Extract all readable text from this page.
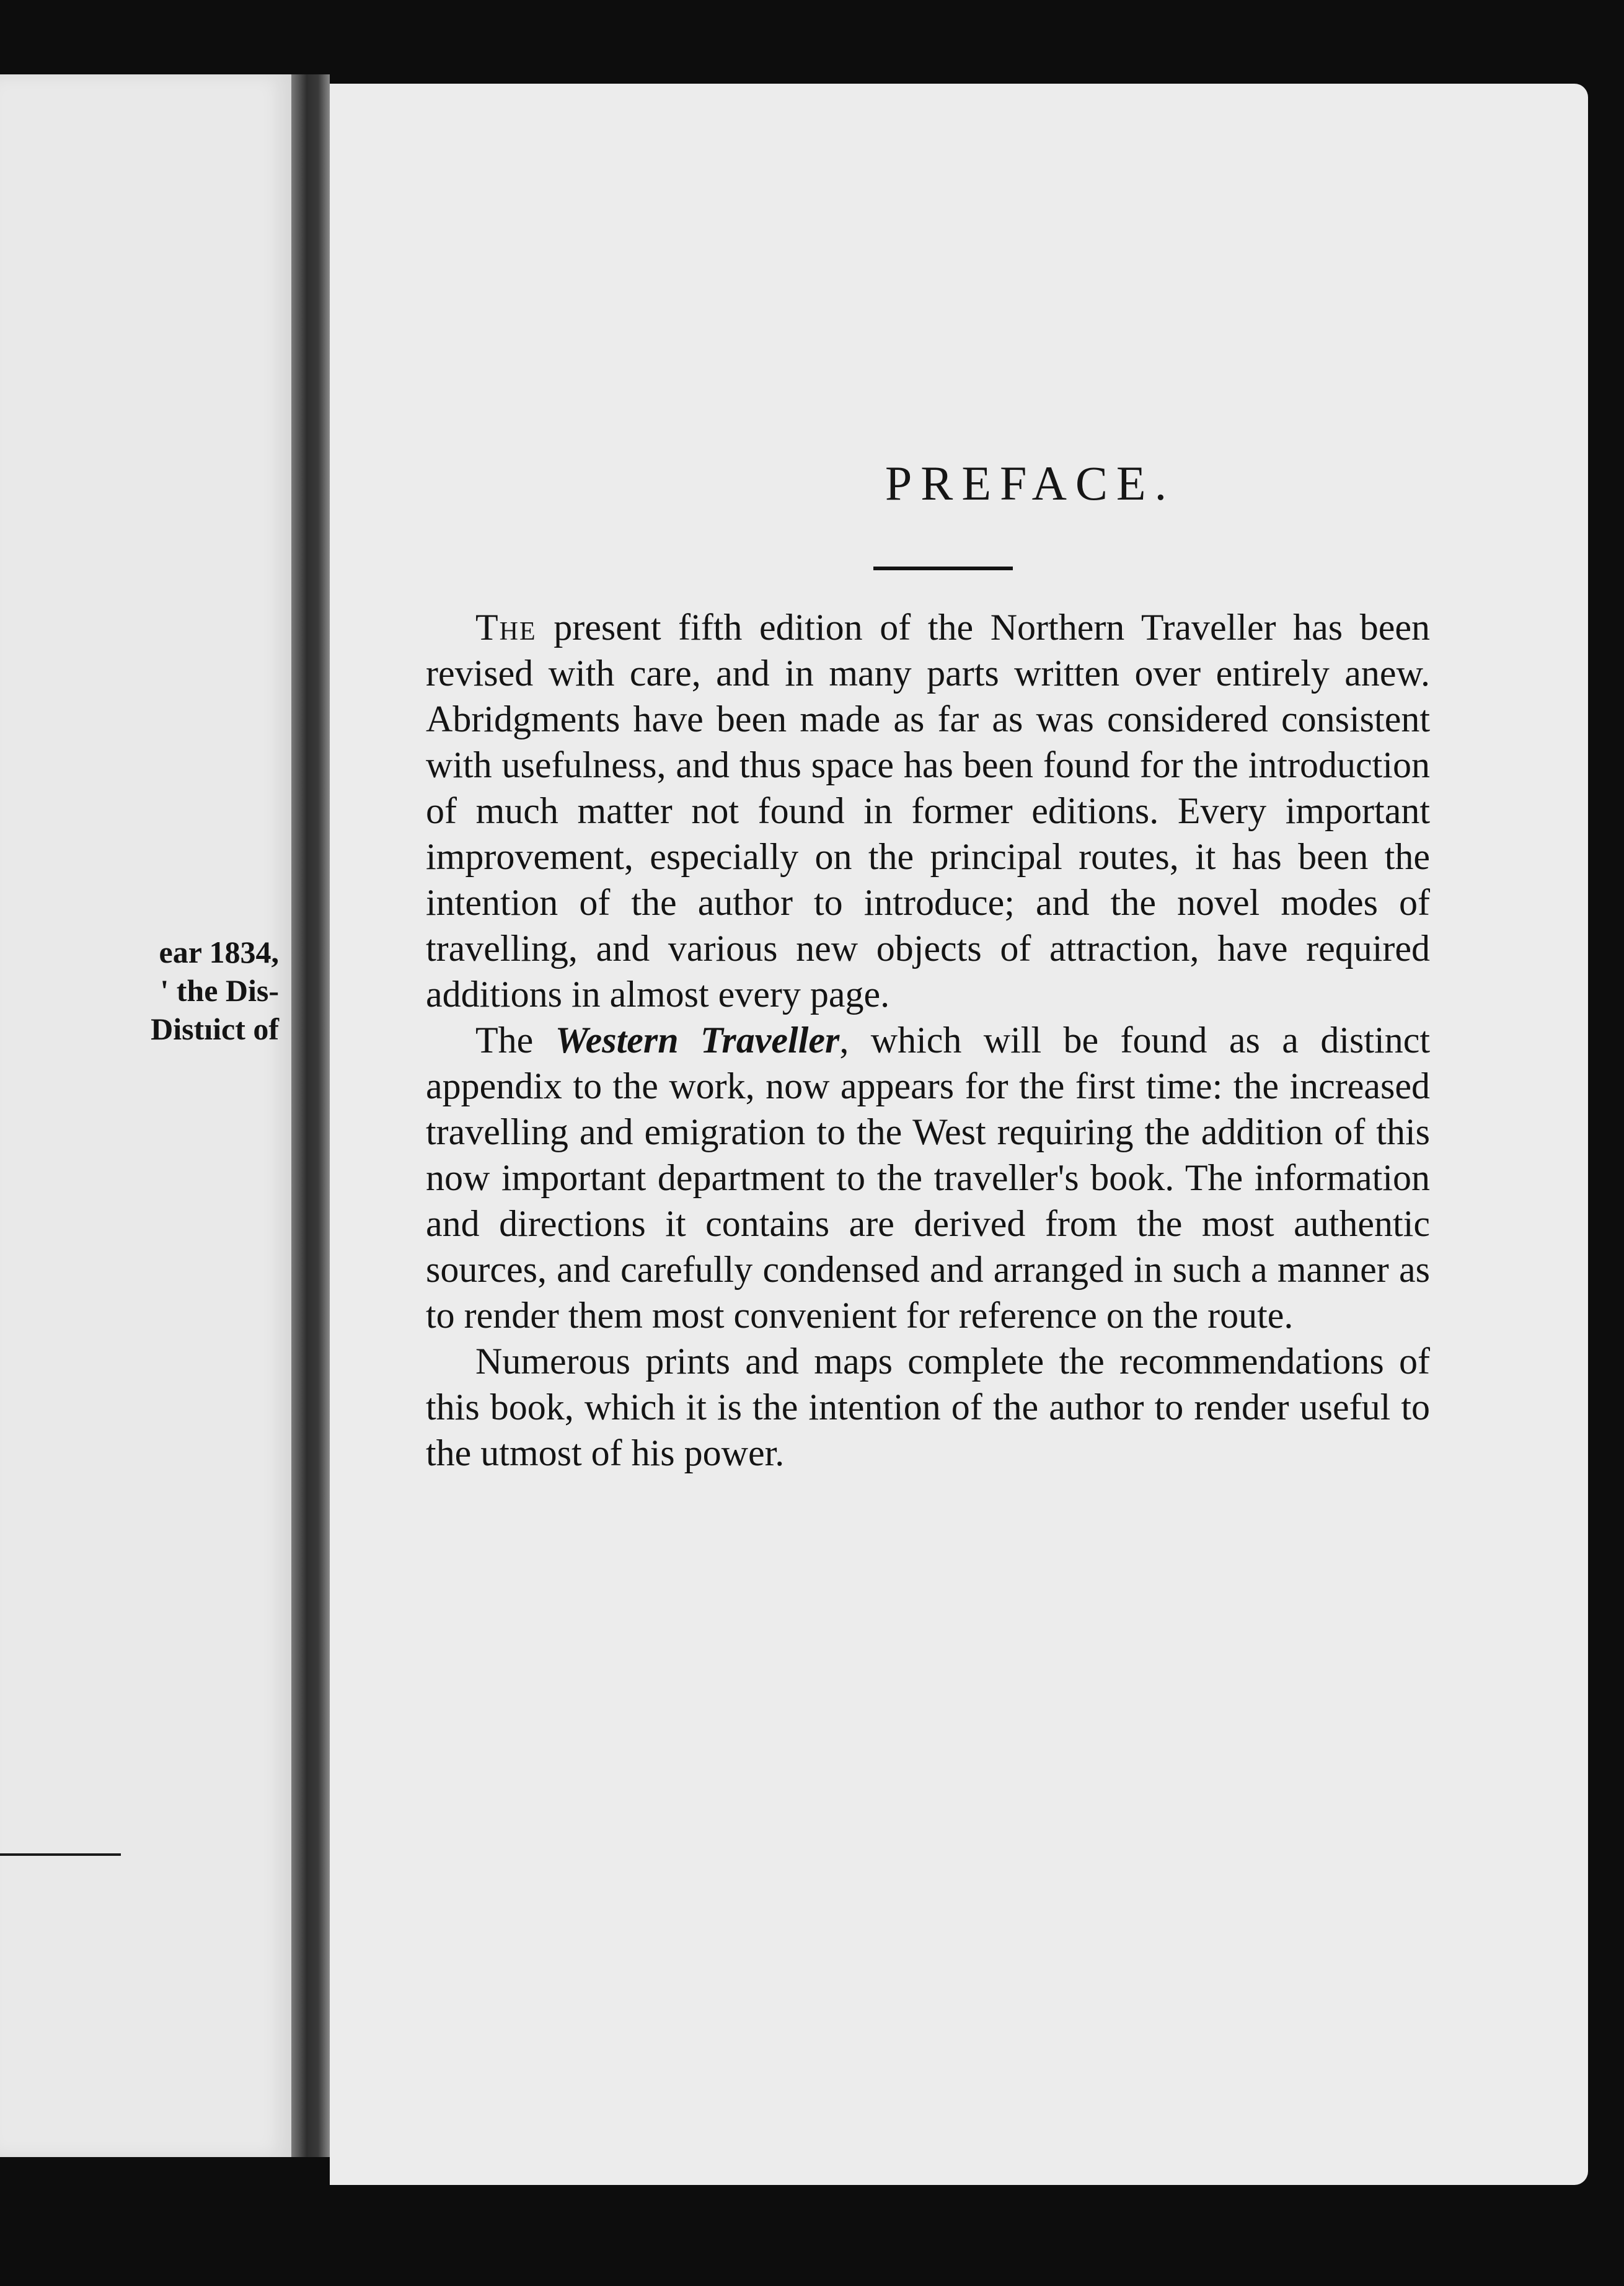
ear 1834,
' the Dis-
Distıict of
PREFACE.

The present fifth edition of the Northern Traveller has been revised with care, and in many parts written over entirely anew. Abridgments have been made as far as was considered consistent with usefulness, and thus space has been found for the introduction of much matter not found in former editions. Every important improvement, especially on the principal routes, it has been the intention of the author to introduce; and the novel modes of travelling, and various new objects of attraction, have required additions in almost every page.

The Western Traveller, which will be found as a distinct appendix to the work, now appears for the first time: the increased travelling and emigration to the West requiring the addition of this now important department to the traveller's book. The information and directions it contains are derived from the most authentic sources, and carefully condensed and arranged in such a manner as to render them most convenient for reference on the route.

Numerous prints and maps complete the recommendations of this book, which it is the intention of the author to render useful to the utmost of his power.
